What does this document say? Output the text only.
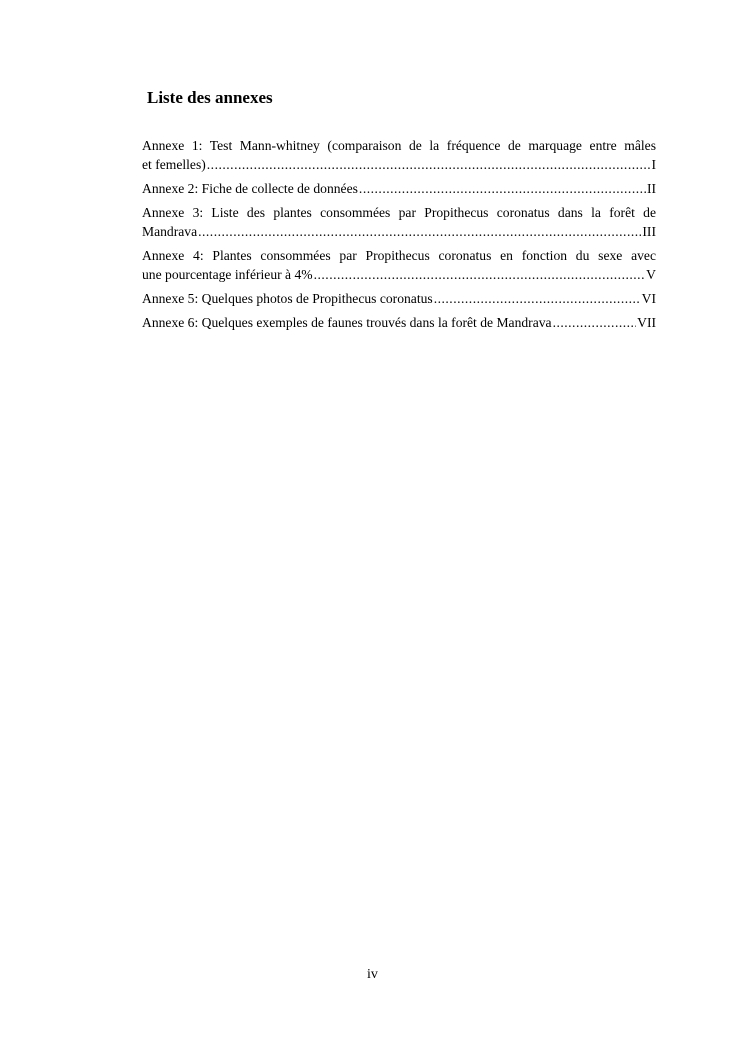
Liste des annexes
Annexe 1: Test Mann-whitney (comparaison de la fréquence de marquage entre mâles
et femelles) .....	I
Annexe 2: Fiche de collecte de données .....	II
Annexe 3: Liste des plantes consommées par Propithecus coronatus dans la forêt de
Mandrava .....	III
Annexe 4: Plantes consommées par Propithecus coronatus en fonction du sexe avec
une pourcentage inférieur à 4% .....	V
Annexe 5: Quelques photos de Propithecus coronatus .....	VI
Annexe 6: Quelques exemples de faunes trouvés dans la forêt de Mandrava .....	VII
iv
